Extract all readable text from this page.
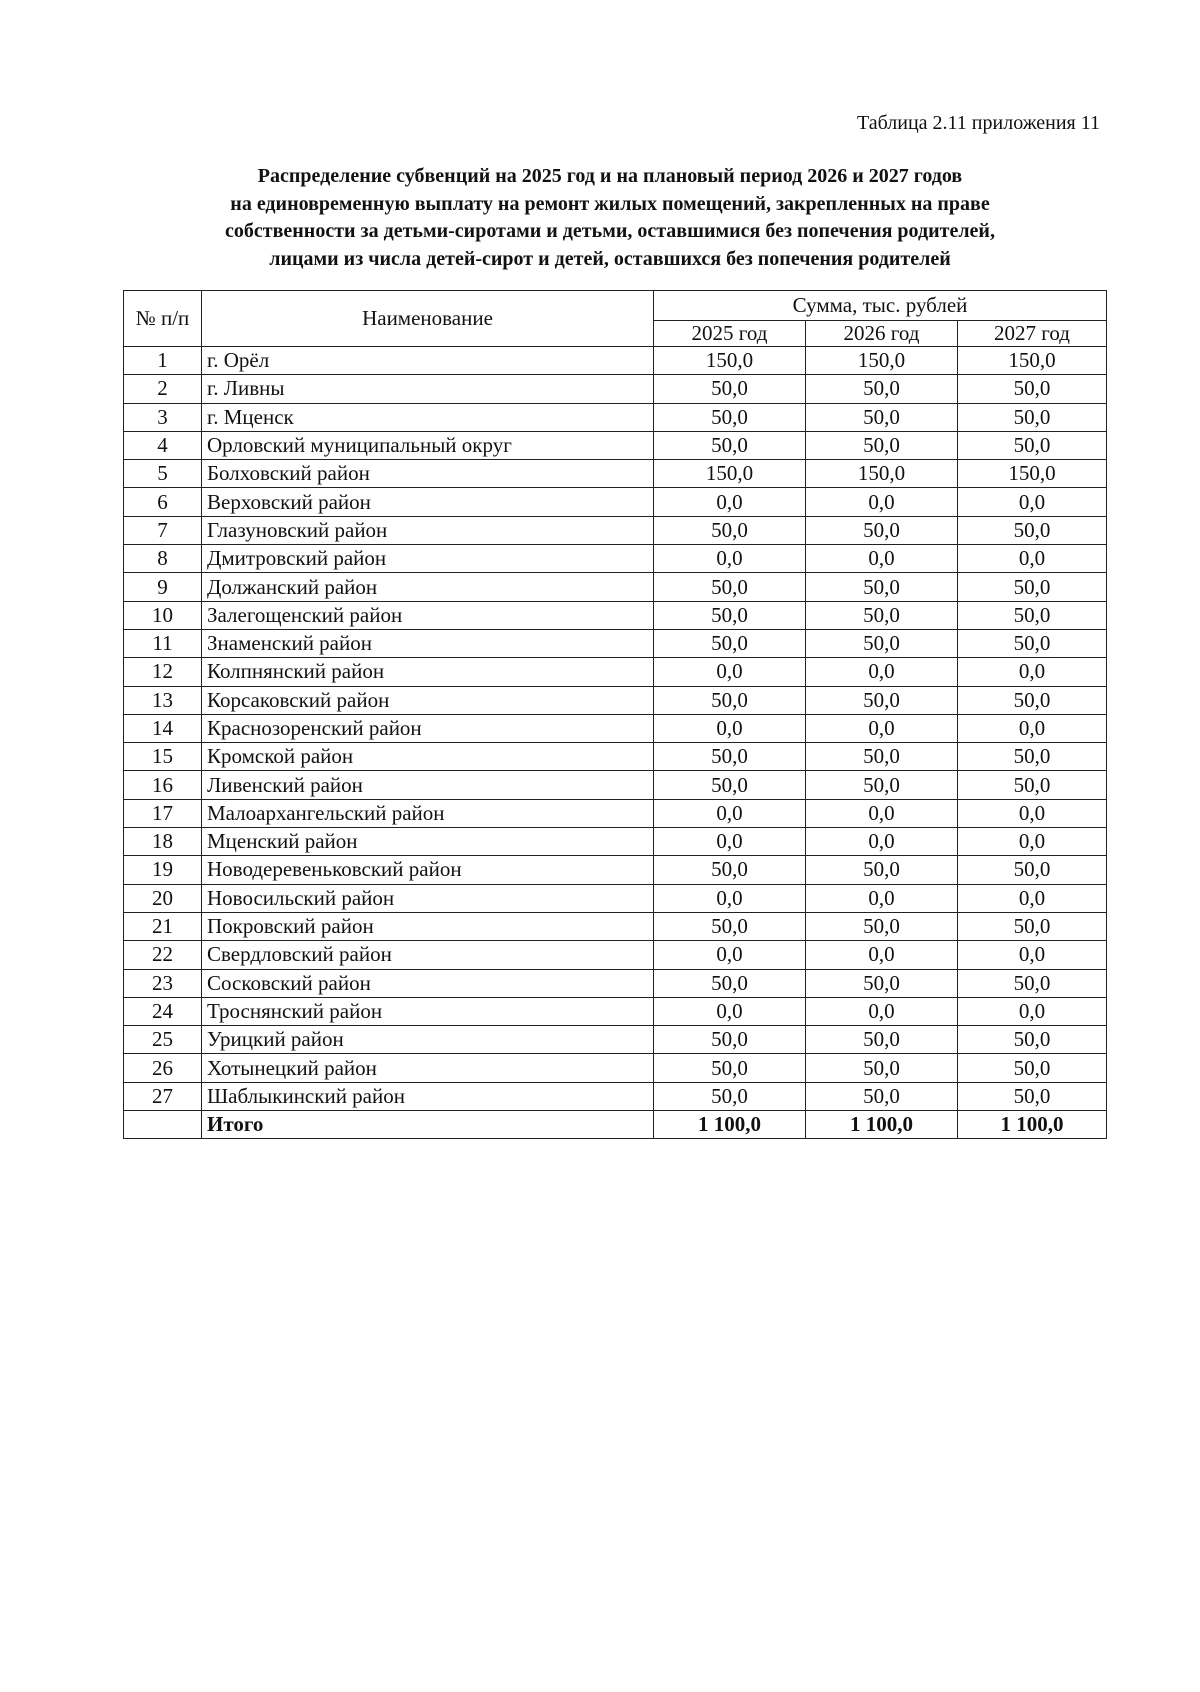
Таблица 2.11 приложения 11
Распределение субвенций на 2025 год и на плановый период 2026 и 2027 годов
на единовременную выплату на ремонт жилых помещений, закрепленных на праве
собственности за детьми-сиротами и детьми, оставшимися без попечения родителей,
лицами из числа детей-сирот и детей, оставшихся без попечения родителей
№ п/п	Наименование	Сумма, тыс. рублей		
		2025 год	2026 год	2027 год
1	г. Орёл	150,0	150,0	150,0
2	г. Ливны	50,0	50,0	50,0
3	г. Мценск	50,0	50,0	50,0
4	Орловский муниципальный округ	50,0	50,0	50,0
5	Болховский район	150,0	150,0	150,0
6	Верховский район	0,0	0,0	0,0
7	Глазуновский район	50,0	50,0	50,0
8	Дмитровский район	0,0	0,0	0,0
9	Должанский район	50,0	50,0	50,0
10	Залегощенский район	50,0	50,0	50,0
11	Знаменский район	50,0	50,0	50,0
12	Колпнянский район	0,0	0,0	0,0
13	Корсаковский район	50,0	50,0	50,0
14	Краснозоренский район	0,0	0,0	0,0
15	Кромской район	50,0	50,0	50,0
16	Ливенский район	50,0	50,0	50,0
17	Малоархангельский район	0,0	0,0	0,0
18	Мценский район	0,0	0,0	0,0
19	Новодеревеньковский район	50,0	50,0	50,0
20	Новосильский район	0,0	0,0	0,0
21	Покровский район	50,0	50,0	50,0
22	Свердловский район	0,0	0,0	0,0
23	Сосковский район	50,0	50,0	50,0
24	Троснянский район	0,0	0,0	0,0
25	Урицкий район	50,0	50,0	50,0
26	Хотынецкий район	50,0	50,0	50,0
27	Шаблыкинский район	50,0	50,0	50,0
	Итого	1 100,0	1 100,0	1 100,0
